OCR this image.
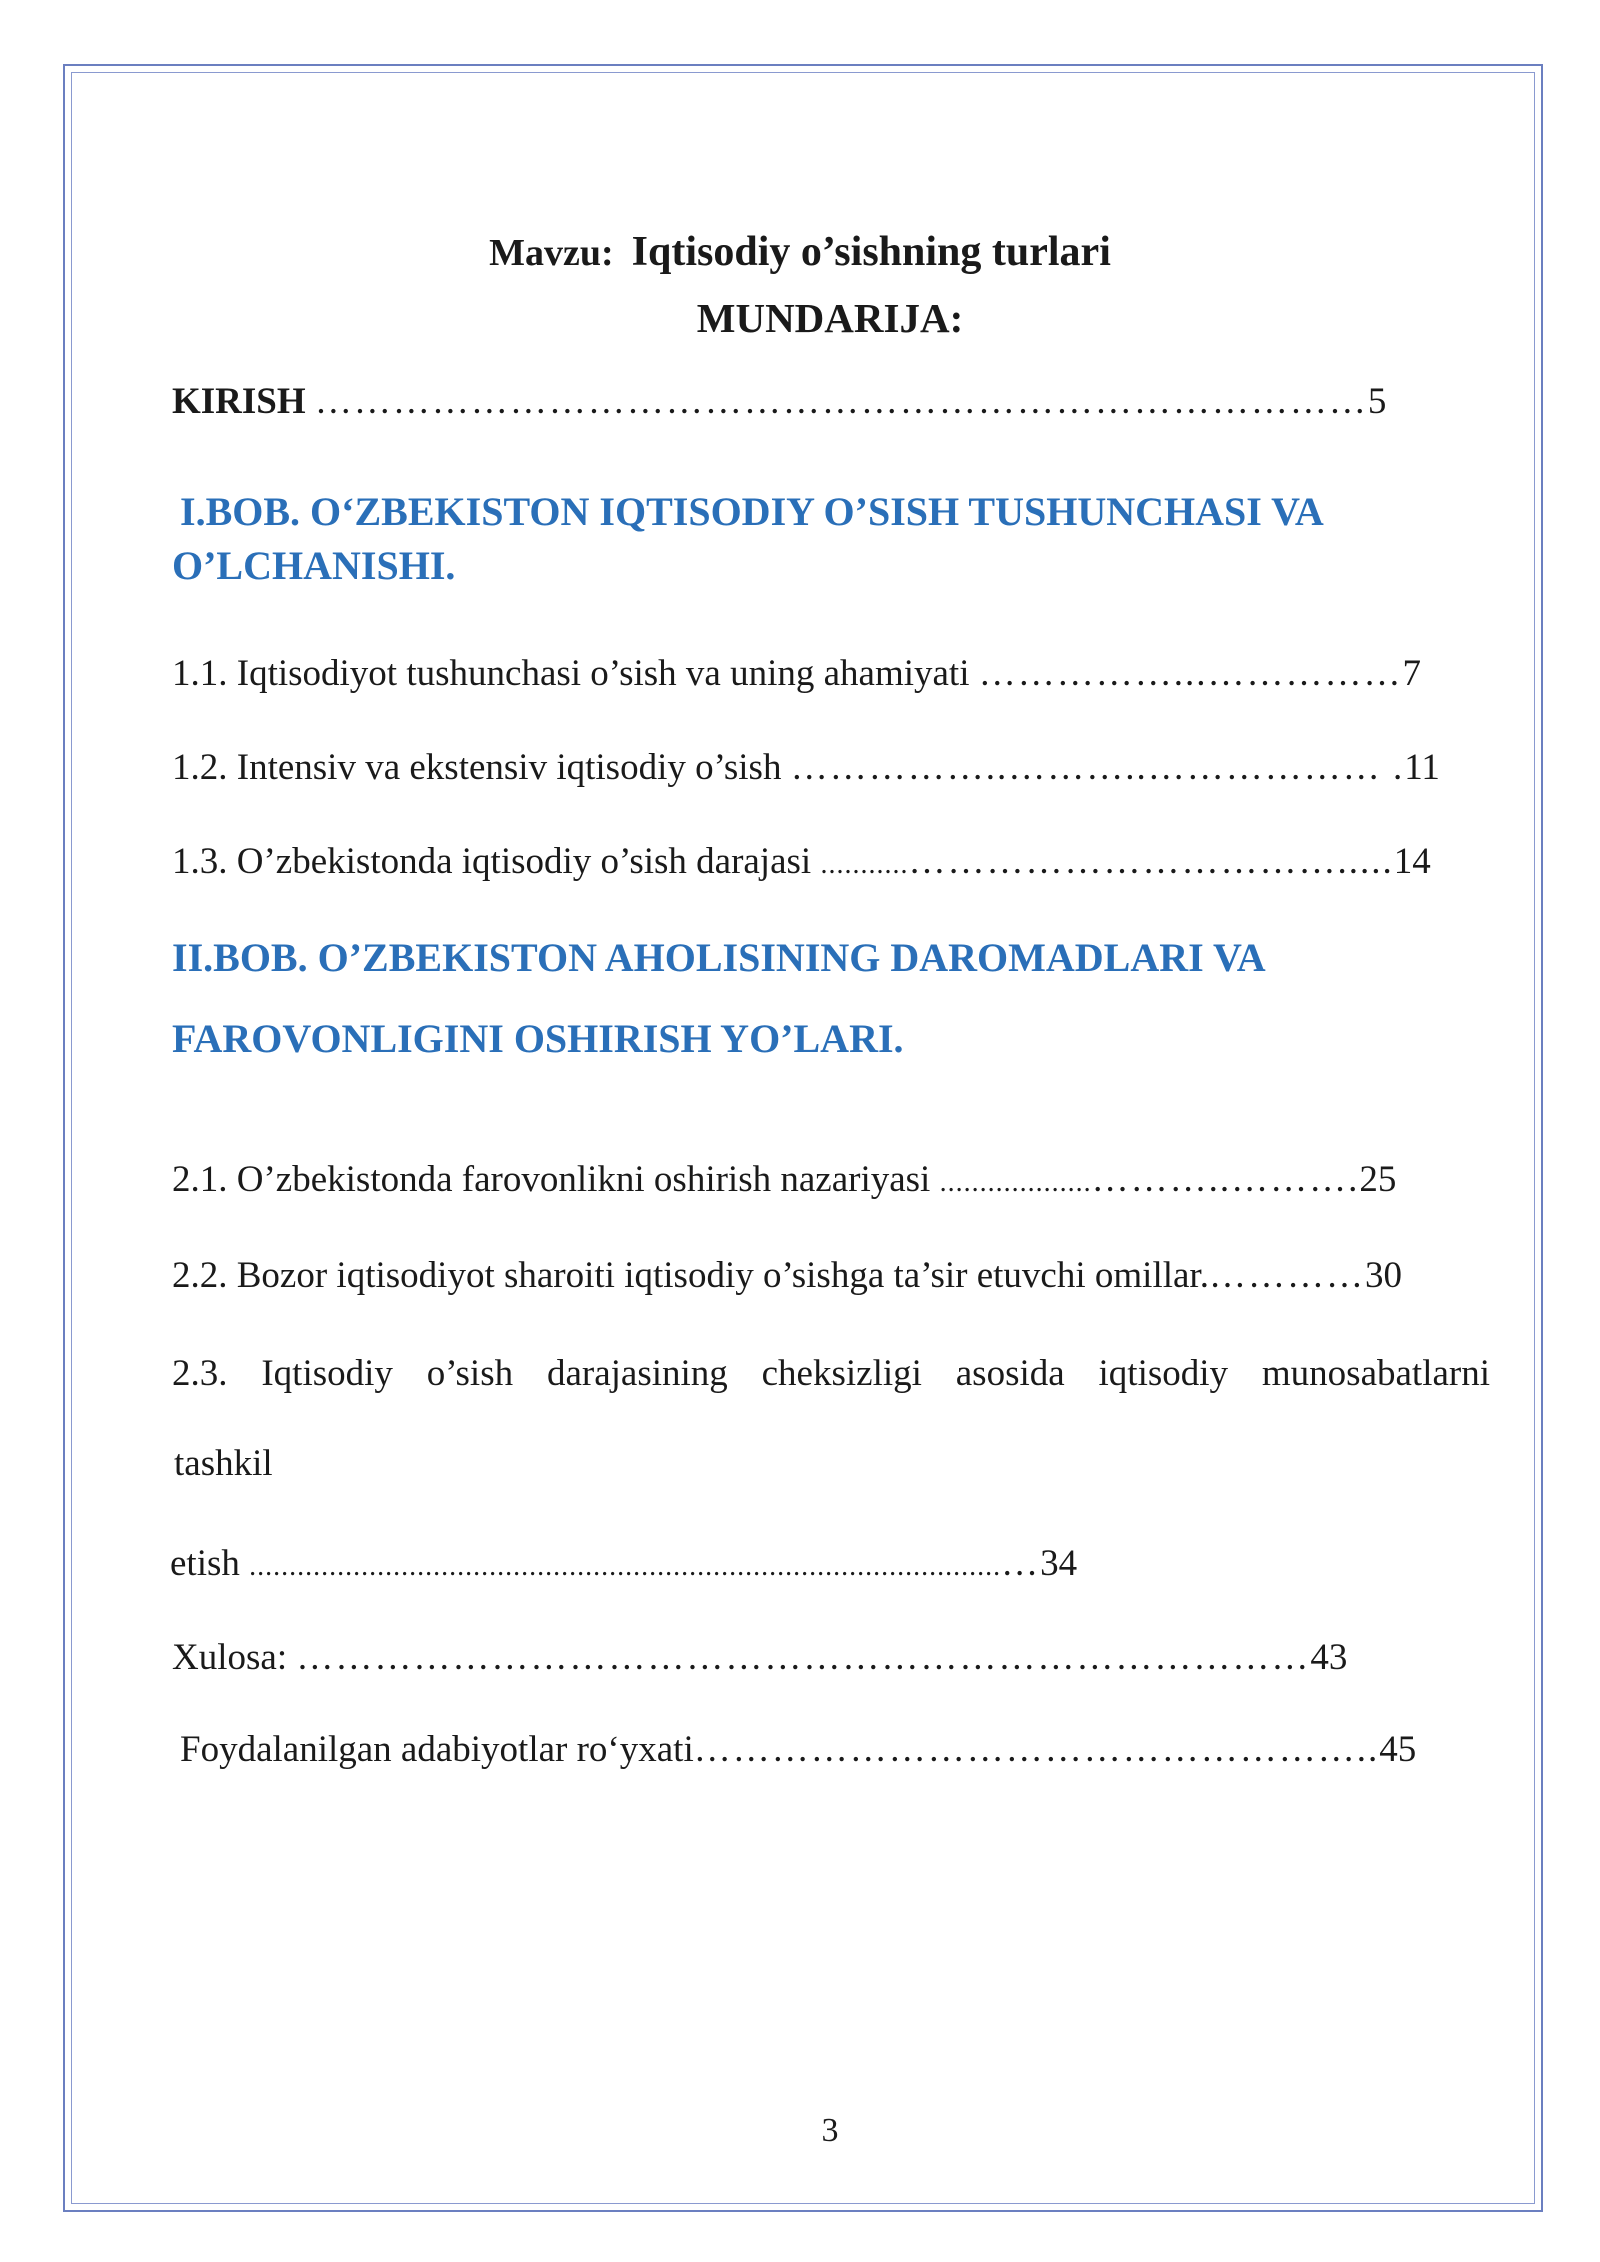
Mavzu: Iqtisodiy o’sishning turlari
MUNDARIJA:
KIRISH ………………………………………………………………………5
I.BOB. O‘ZBEKISTON IQTISODIY O’SISH TUSHUNCHASI VA
O’LCHANISHI.
1.1. Iqtisodiyot tushunchasi o’sish va uning ahamiyati ……………...……………7
1.2. Intensiv va ekstensiv iqtisodiy o’sish ……………..………..……………… .11
1.3. O’zbekistonda iqtisodiy o’sish darajasi ...........…………………………….....14
II.BOB. O’ZBEKISTON AHOLISINING DAROMADLARI VA
FAROVONLIGINI OSHIRISH YO’LARI.
2.1. O’zbekistonda farovonlikni oshirish nazariyasi ...................………..……….25
2.2. Bozor iqtisodiyot sharoiti iqtisodiy o’sishga ta’sir etuvchi omillar.…………30
2.3. Iqtisodiy o’sish darajasining cheksizligi asosida iqtisodiy munosabatlarni
tashkil
etish ..............................................................................................…34
Xulosa: ……………………………………………………………………43
Foydalanilgan adabiyotlar ro‘yxati……………………………………………..45
3
